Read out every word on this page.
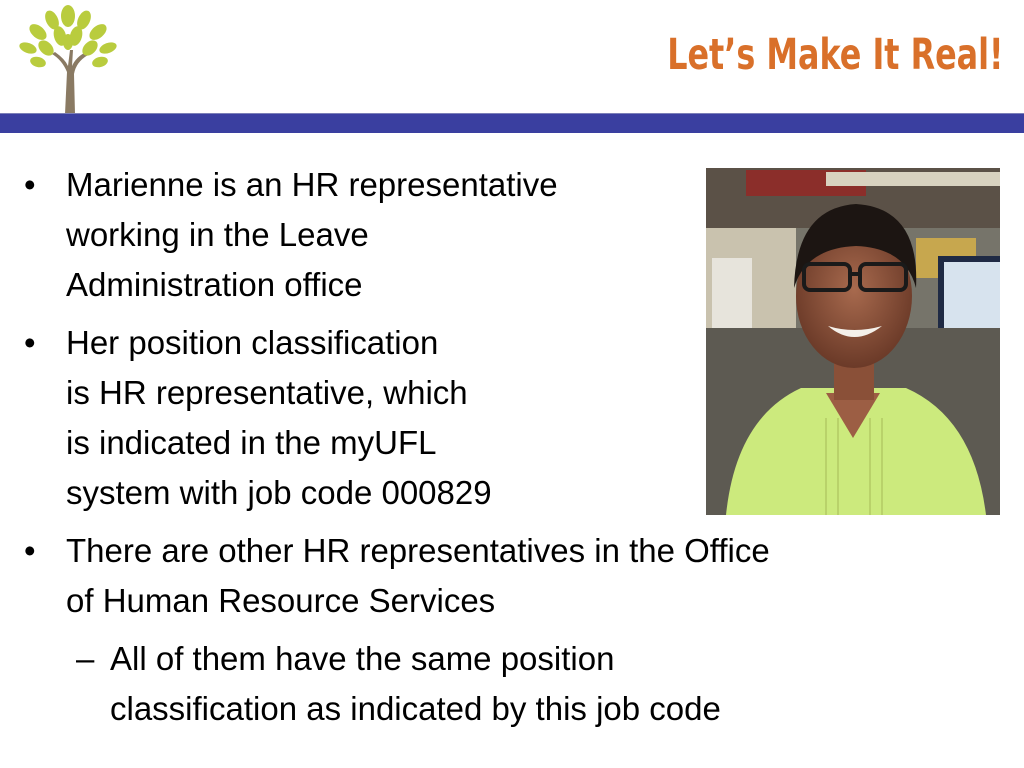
Let’s Make It Real!
• Marienne is an HR representative
working in the Leave
Administration office
• Her position classification
is HR representative, which
is indicated in the myUFL
system with job code 000829
• There are other HR representatives in the Office
of Human Resource Services
– All of them have the same position
classification as indicated by this job code
